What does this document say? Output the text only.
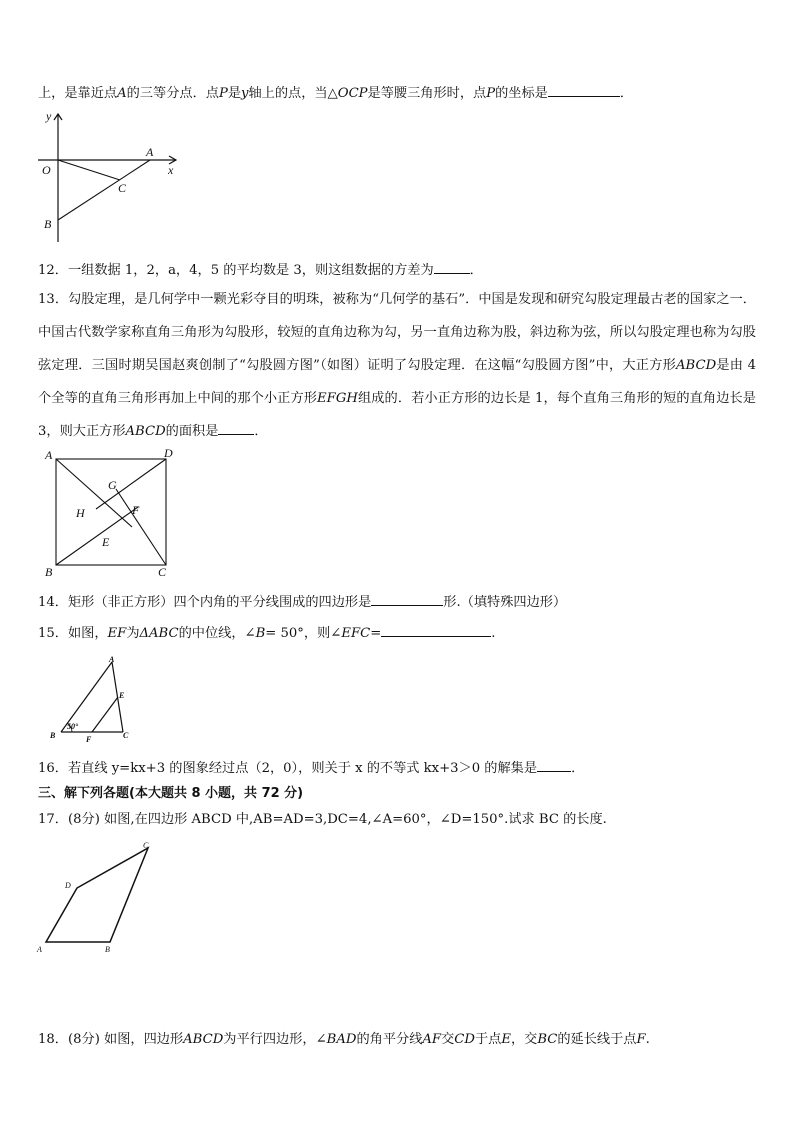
上，是靠近点A的三等分点．点P是y轴上的点，当△OCP是等腰三角形时，点P的坐标是	．
y
O
A
x
C
B
12．一组数据 1，2，a，4，5 的平均数是 3，则这组数据的方差为	．
13．勾股定理，是几何学中一颗光彩夺目的明珠，被称为“几何学的基石”．中国是发现和研究勾股定理最古老的国家之一．中国古代数学家称直角三角形为勾股形，较短的直角边称为勾，另一直角边称为股，斜边称为弦，所以勾股定理也称为勾股弦定理．三国时期吴国赵爽创制了“勾股圆方图”（如图）证明了勾股定理．在这幅“勾股圆方图”中，大正方形ABCD是由 4 个全等的直角三角形再加上中间的那个小正方形EFGH组成的．若小正方形的边长是 1，每个直角三角形的短的直角边长是 3，则大正方形ABCD的面积是	．
A	D
G
H	F
E
B	C
14．矩形（非正方形）四个内角的平分线围成的四边形是	形.（填特殊四边形）
15．如图，EF为ΔABC的中位线，∠B= 50°，则∠EFC=	.
A
E
B	F	C
50°
16．若直线 y=kx+3 的图象经过点（2，0），则关于 x 的不等式 kx+3＞0 的解集是	．
三、解下列各题(本大题共 8 小题，共 72 分)
17．(8分) 如图,在四边形 ABCD 中,AB=AD=3,DC=4,∠A=60°，∠D=150°.试求 BC 的长度.
C
D
A	B
18．(8分) 如图，四边形ABCD为平行四边形，∠BAD的角平分线AF交CD于点E，交BC的延长线于点F.
